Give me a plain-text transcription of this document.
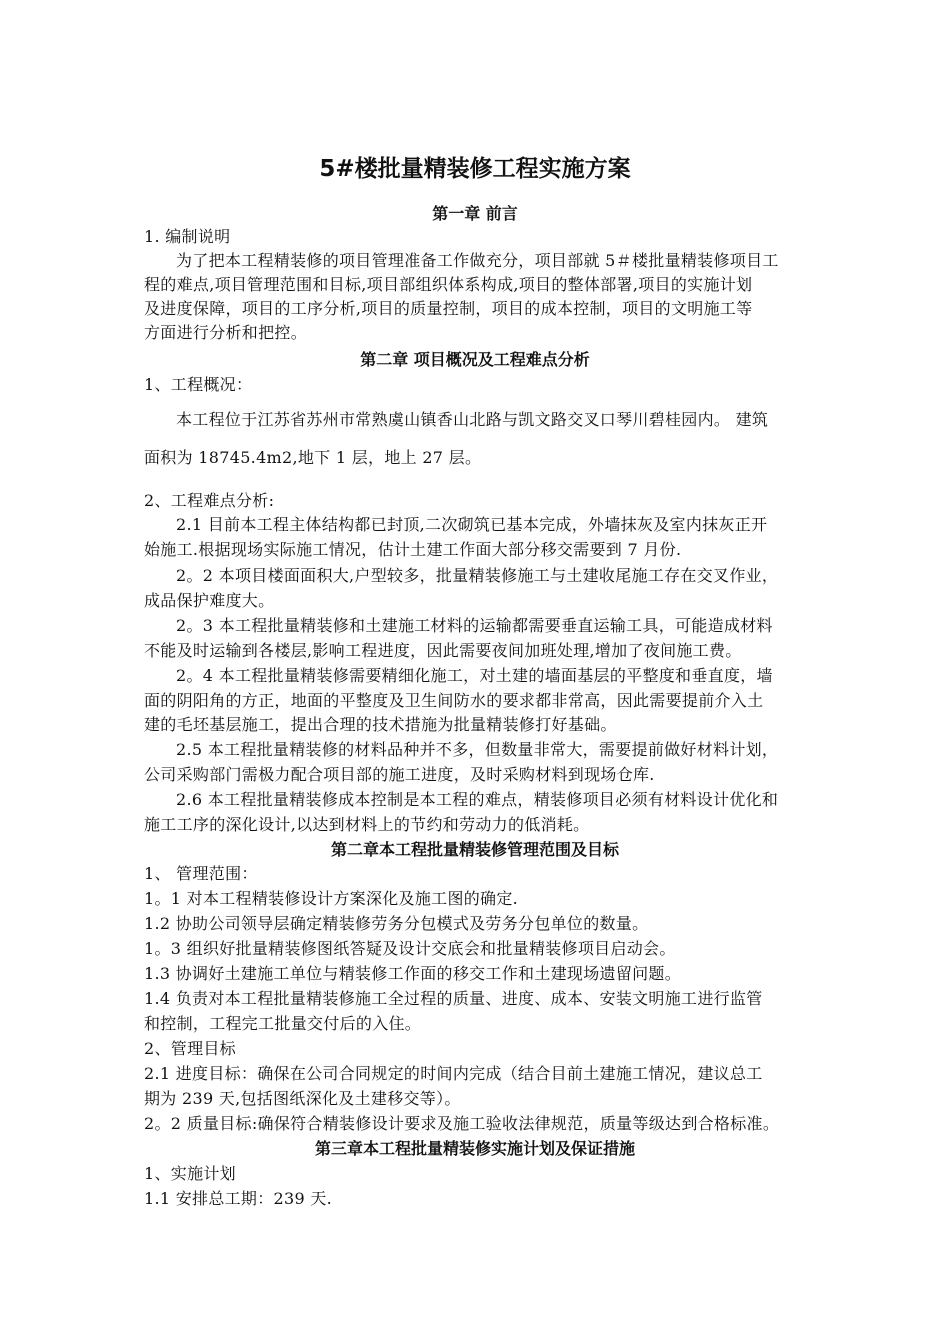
5#楼批量精装修工程实施方案
第一章 前言
1. 编制说明
为了把本工程精装修的项目管理准备工作做充分，项目部就 5＃楼批量精装修项目工
程的难点,项目管理范围和目标,项目部组织体系构成,项目的整体部署,项目的实施计划
及进度保障，项目的工序分析,项目的质量控制，项目的成本控制，项目的文明施工等
方面进行分析和把控。
第二章 项目概况及工程难点分析
1、工程概况：
本工程位于江苏省苏州市常熟虞山镇香山北路与凯文路交叉口琴川碧桂园内。 建筑
面积为 18745.4m2,地下 1 层，地上 27 层。
2、工程难点分析:
2.1 目前本工程主体结构都已封顶,二次砌筑已基本完成，外墙抹灰及室内抹灰正开
始施工.根据现场实际施工情况，估计土建工作面大部分移交需要到 7 月份.
2。2 本项目楼面面积大,户型较多，批量精装修施工与土建收尾施工存在交叉作业，
成品保护难度大。
2。3 本工程批量精装修和土建施工材料的运输都需要垂直运输工具，可能造成材料
不能及时运输到各楼层,影响工程进度，因此需要夜间加班处理,增加了夜间施工费。
2。4 本工程批量精装修需要精细化施工，对土建的墙面基层的平整度和垂直度，墙
面的阴阳角的方正，地面的平整度及卫生间防水的要求都非常高，因此需要提前介入土
建的毛坯基层施工，提出合理的技术措施为批量精装修打好基础。
2.5 本工程批量精装修的材料品种并不多，但数量非常大，需要提前做好材料计划，
公司采购部门需极力配合项目部的施工进度，及时采购材料到现场仓库.
2.6 本工程批量精装修成本控制是本工程的难点，精装修项目必须有材料设计优化和
施工工序的深化设计,以达到材料上的节约和劳动力的低消耗。
第二章本工程批量精装修管理范围及目标
1、 管理范围：
1。1 对本工程精装修设计方案深化及施工图的确定.
1.2 协助公司领导层确定精装修劳务分包模式及劳务分包单位的数量。
1。3 组织好批量精装修图纸答疑及设计交底会和批量精装修项目启动会。
1.3 协调好土建施工单位与精装修工作面的移交工作和土建现场遗留问题。
1.4 负责对本工程批量精装修施工全过程的质量、进度、成本、安装文明施工进行监管
和控制，工程完工批量交付后的入住。
2、管理目标
2.1 进度目标：确保在公司合同规定的时间内完成（结合目前土建施工情况，建议总工
期为 239 天,包括图纸深化及土建移交等）。
2。2 质量目标:确保符合精装修设计要求及施工验收法律规范，质量等级达到合格标准。
第三章本工程批量精装修实施计划及保证措施
1、实施计划
1.1 安排总工期：239 天.
